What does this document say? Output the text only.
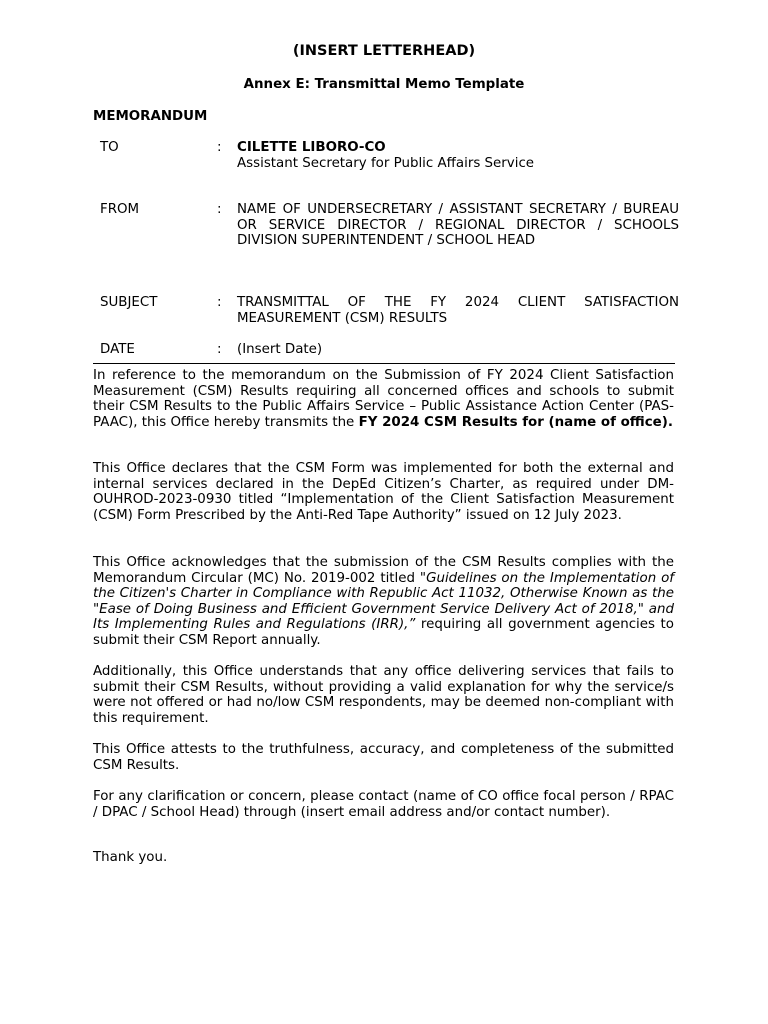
(INSERT LETTERHEAD)
Annex E: Transmittal Memo Template
MEMORANDUM
TO	: CILETTE LIBORO-CO
Assistant Secretary for Public Affairs Service
FROM	: NAME OF UNDERSECRETARY / ASSISTANT SECRETARY / BUREAU OR SERVICE DIRECTOR / REGIONAL DIRECTOR / SCHOOLS DIVISION SUPERINTENDENT / SCHOOL HEAD
SUBJECT	: TRANSMITTAL OF THE FY 2024 CLIENT SATISFACTION MEASUREMENT (CSM) RESULTS
DATE	: (Insert Date)
In reference to the memorandum on the Submission of FY 2024 Client Satisfaction Measurement (CSM) Results requiring all concerned offices and schools to submit their CSM Results to the Public Affairs Service – Public Assistance Action Center (PAS-PAAC), this Office hereby transmits the FY 2024 CSM Results for (name of office).
This Office declares that the CSM Form was implemented for both the external and internal services declared in the DepEd Citizen’s Charter, as required under DM-OUHROD-2023-0930 titled “Implementation of the Client Satisfaction Measurement (CSM) Form Prescribed by the Anti-Red Tape Authority” issued on 12 July 2023.
This Office acknowledges that the submission of the CSM Results complies with the Memorandum Circular (MC) No. 2019-002 titled "Guidelines on the Implementation of the Citizen's Charter in Compliance with Republic Act 11032, Otherwise Known as the "Ease of Doing Business and Efficient Government Service Delivery Act of 2018," and Its Implementing Rules and Regulations (IRR),” requiring all government agencies to submit their CSM Report annually.
Additionally, this Office understands that any office delivering services that fails to submit their CSM Results, without providing a valid explanation for why the service/s were not offered or had no/low CSM respondents, may be deemed non-compliant with this requirement.
This Office attests to the truthfulness, accuracy, and completeness of the submitted CSM Results.
For any clarification or concern, please contact (name of CO office focal person / RPAC / DPAC / School Head) through (insert email address and/or contact number).
Thank you.
